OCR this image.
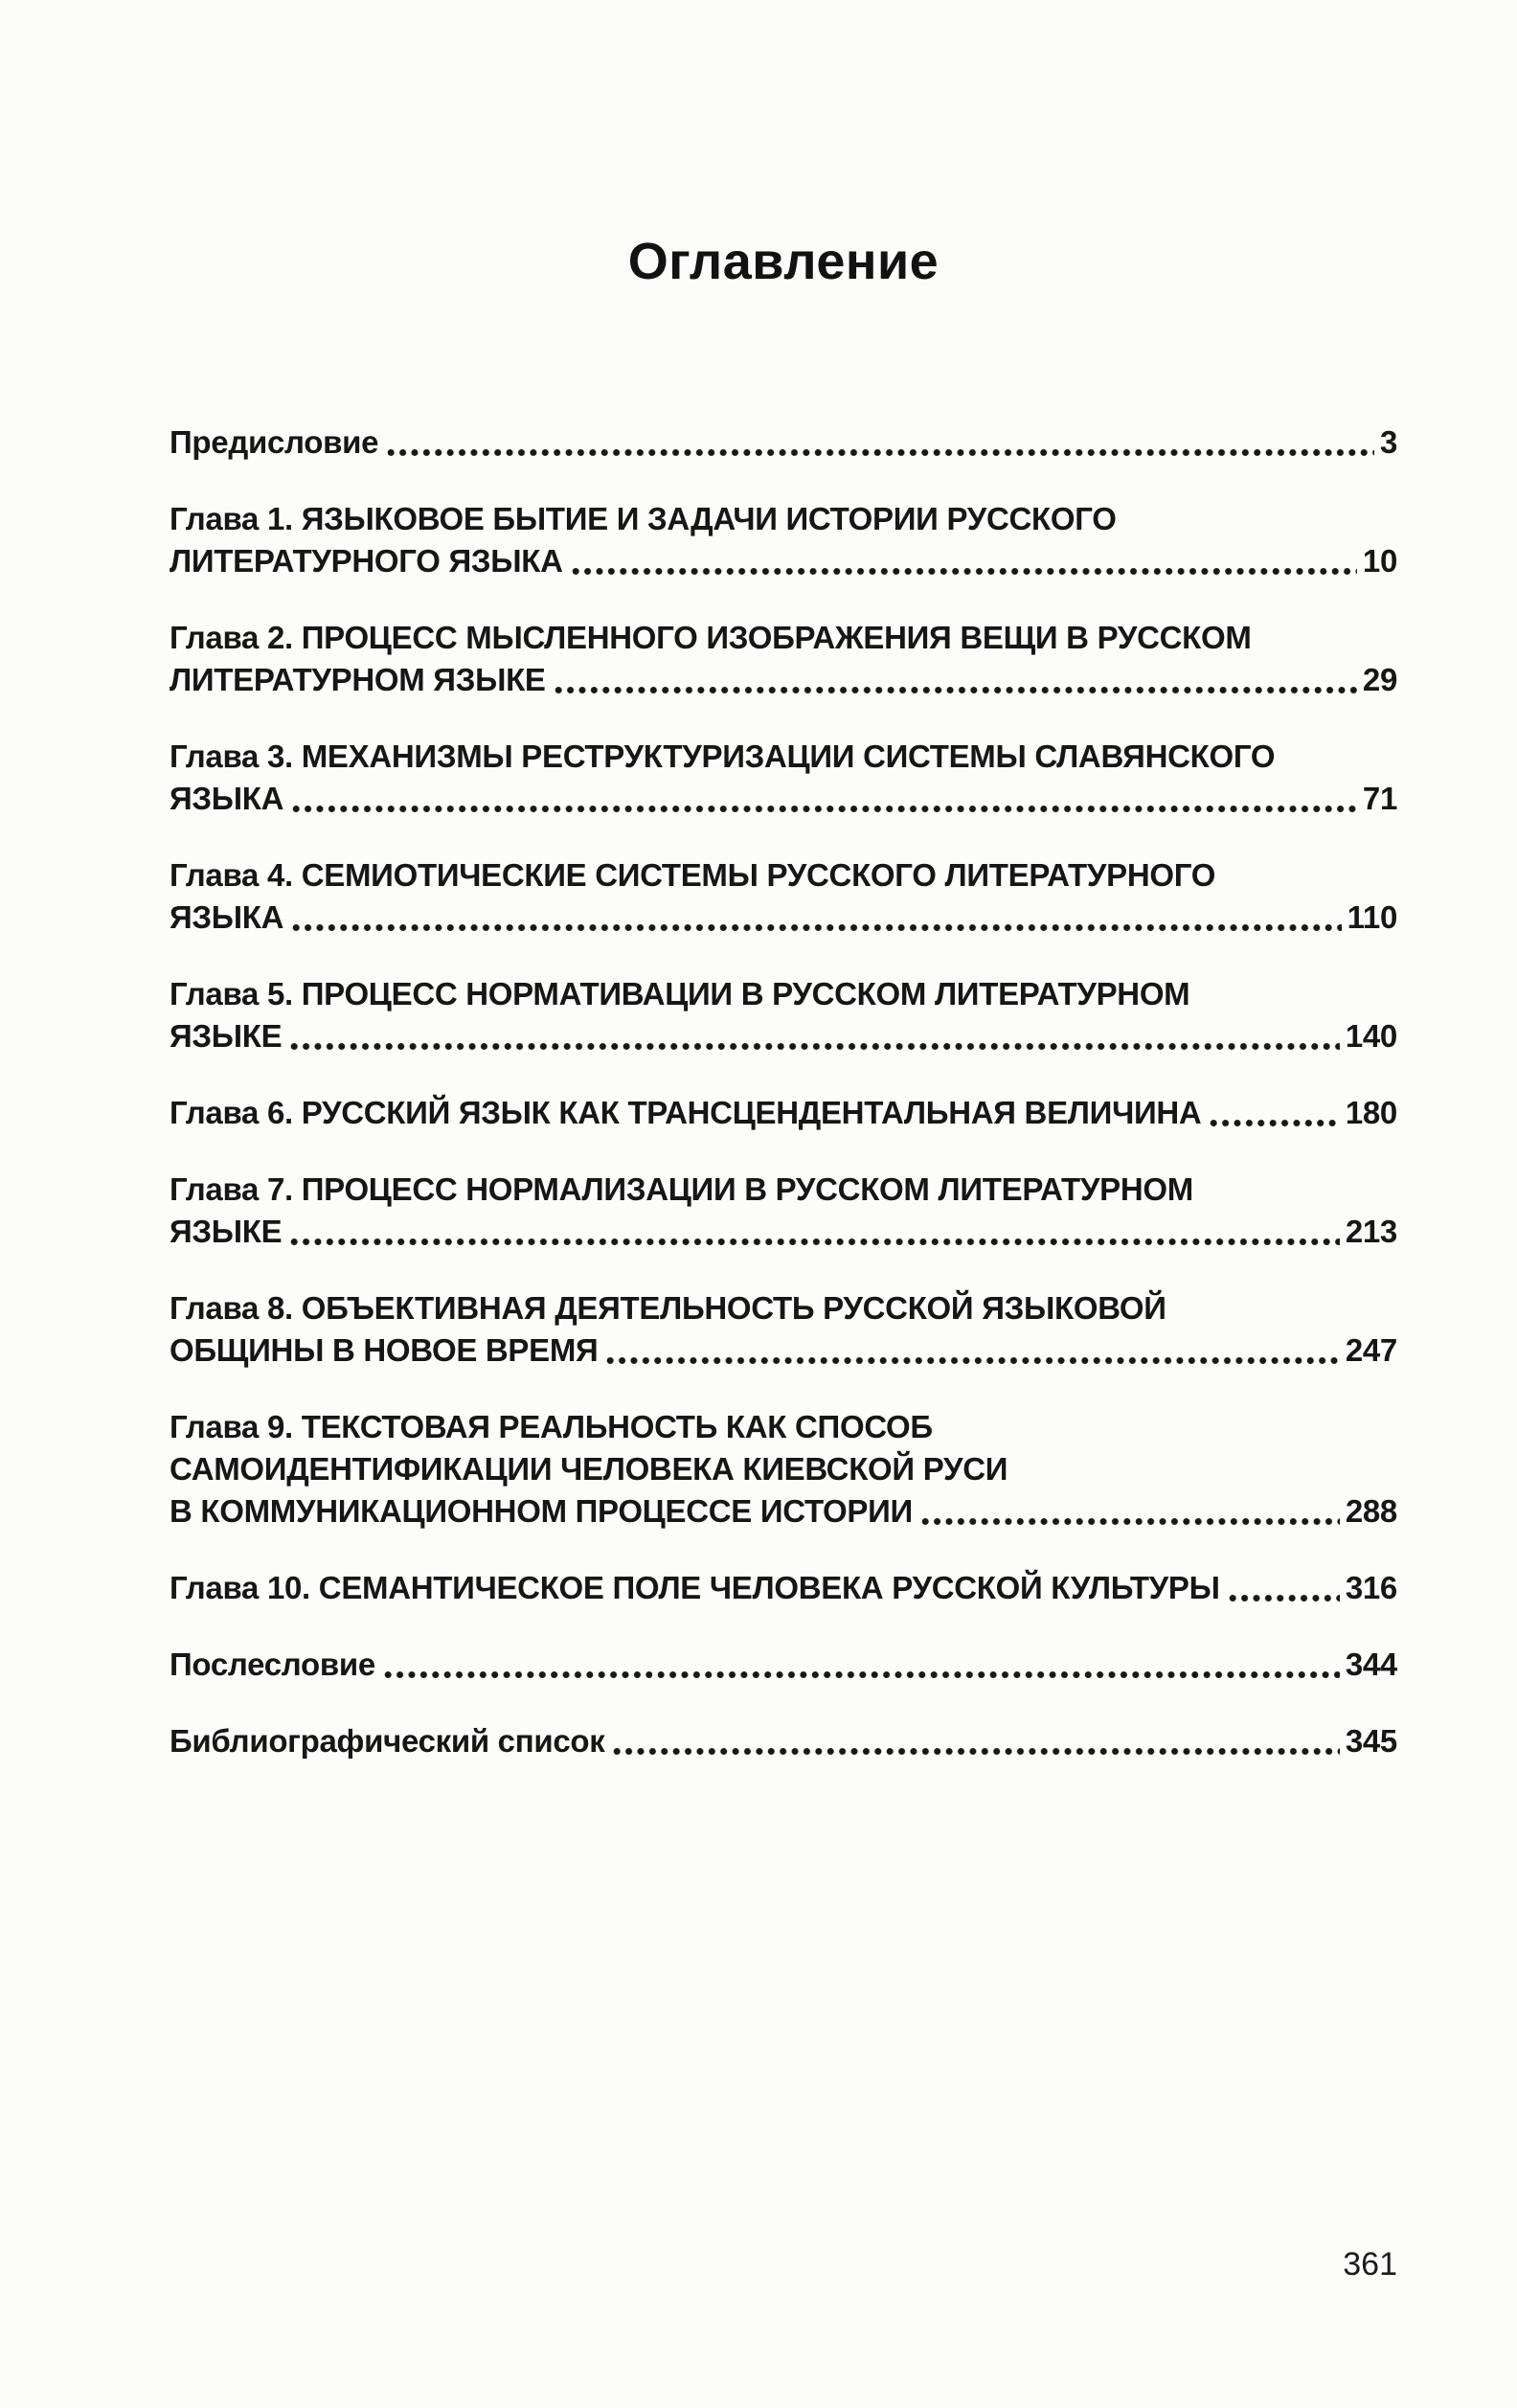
Оглавление
Предисловие	3
Глава 1. ЯЗЫКОВОЕ БЫТИЕ И ЗАДАЧИ ИСТОРИИ РУССКОГО
ЛИТЕРАТУРНОГО ЯЗЫКА	10
Глава 2. ПРОЦЕСС МЫСЛЕННОГО ИЗОБРАЖЕНИЯ ВЕЩИ В РУССКОМ
ЛИТЕРАТУРНОМ ЯЗЫКЕ	29
Глава 3. МЕХАНИЗМЫ РЕСТРУКТУРИЗАЦИИ СИСТЕМЫ СЛАВЯНСКОГО
ЯЗЫКА	71
Глава 4. СЕМИОТИЧЕСКИЕ СИСТЕМЫ РУССКОГО ЛИТЕРАТУРНОГО
ЯЗЫКА	110
Глава 5. ПРОЦЕСС НОРМАТИВАЦИИ В РУССКОМ ЛИТЕРАТУРНОМ
ЯЗЫКЕ	140
Глава 6. РУССКИЙ ЯЗЫК КАК ТРАНСЦЕНДЕНТАЛЬНАЯ ВЕЛИЧИНА	180
Глава 7. ПРОЦЕСС НОРМАЛИЗАЦИИ В РУССКОМ ЛИТЕРАТУРНОМ
ЯЗЫКЕ	213
Глава 8. ОБЪЕКТИВНАЯ ДЕЯТЕЛЬНОСТЬ РУССКОЙ ЯЗЫКОВОЙ
ОБЩИНЫ В НОВОЕ ВРЕМЯ	247
Глава 9. ТЕКСТОВАЯ РЕАЛЬНОСТЬ КАК СПОСОБ
САМОИДЕНТИФИКАЦИИ ЧЕЛОВЕКА КИЕВСКОЙ РУСИ
В КОММУНИКАЦИОННОМ ПРОЦЕССЕ ИСТОРИИ	288
Глава 10. СЕМАНТИЧЕСКОЕ ПОЛЕ ЧЕЛОВЕКА РУССКОЙ КУЛЬТУРЫ	316
Послесловие	344
Библиографический список	345
361
